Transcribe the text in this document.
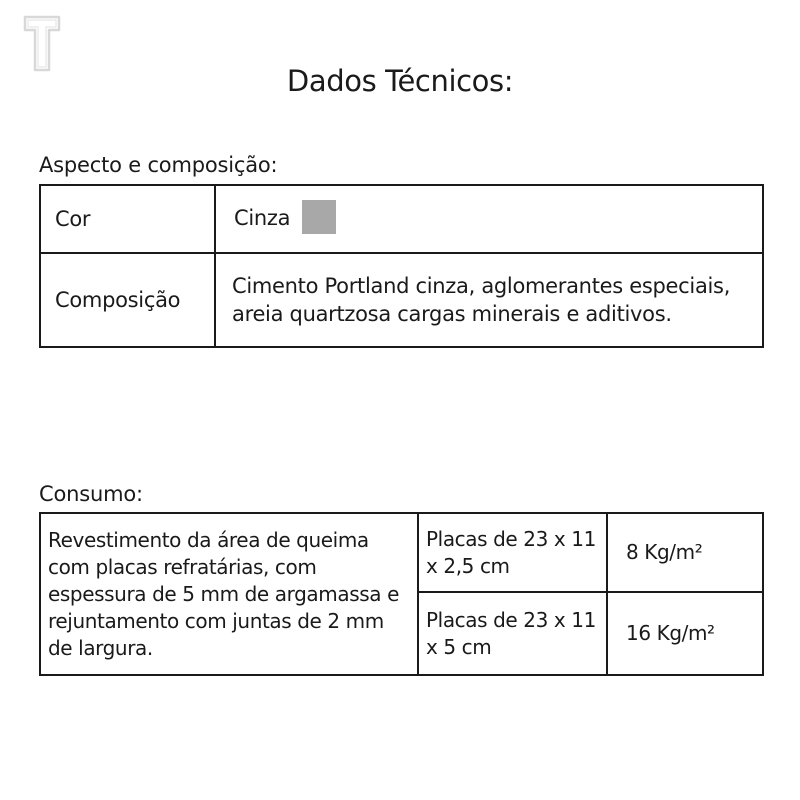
Dados Técnicos:
Aspecto e composição:
Cor	Cinza
Composição	Cimento Portland cinza, aglomerantes especiais, areia quartzosa cargas minerais e aditivos.
Consumo:
Revestimento da área de queima com placas refratárias, com espessura de 5 mm de argamassa e rejuntamento com juntas de 2 mm de largura.	Placas de 23 x 11 x 2,5 cm	8 Kg/m²
	Placas de 23 x 11 x 5 cm	16 Kg/m²
